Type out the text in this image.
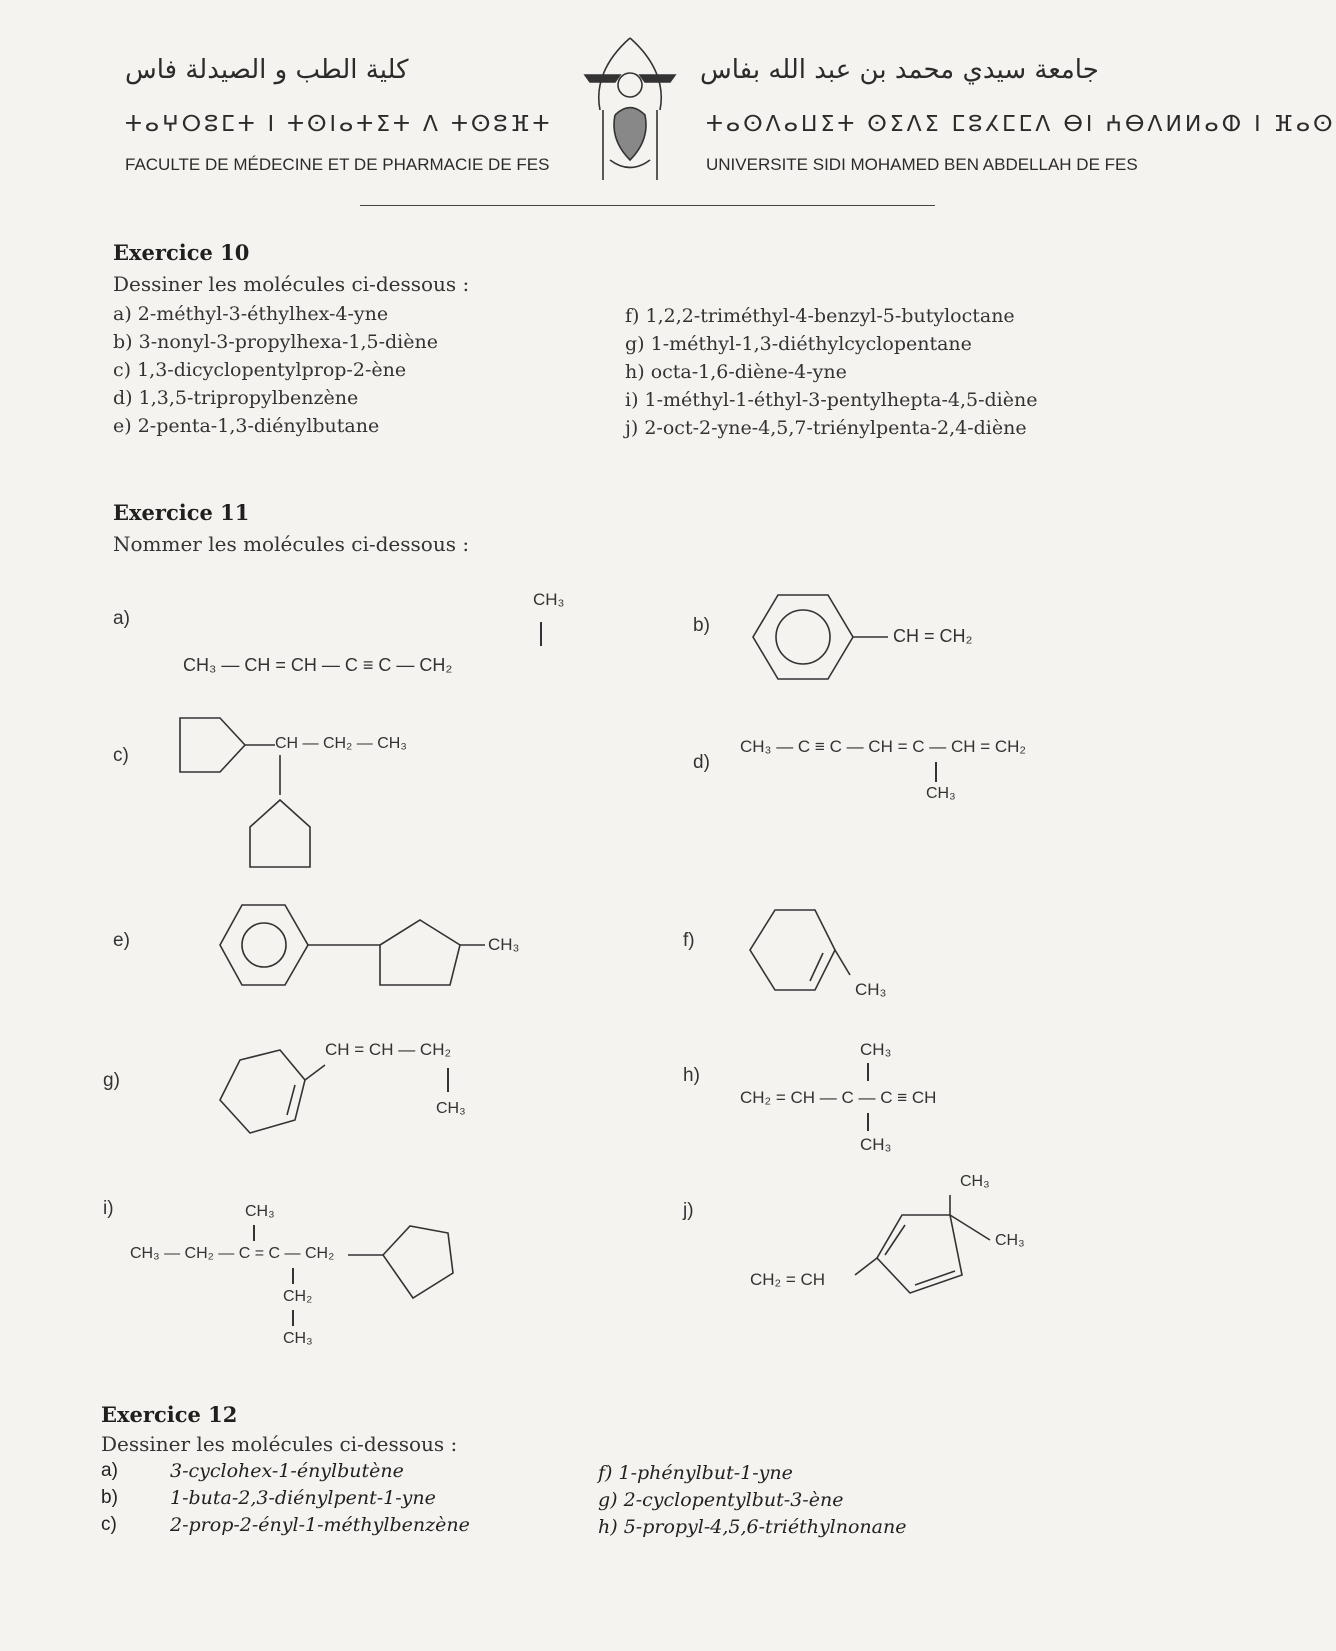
كلية الطب و الصيدلة فاس
ⵜⴰⵖⵔⵓⵎⵜ ⵏ ⵜⵙⵏⴰⵜⵉⵜ ⴷ ⵜⵙⵓⴼⵜ
FACULTE DE MÉDECINE ET DE PHARMACIE DE FES
جامعة سيدي محمد بن عبد الله بفاس
ⵜⴰⵙⴷⴰⵡⵉⵜ ⵙⵉⴷⵉ ⵎⵓⵃⵎⵎⴷ ⴱⵏ ⵄⴱⴷⵍⵍⴰⵀ ⵏ ⴼⴰⵙ
UNIVERSITE SIDI MOHAMED BEN ABDELLAH DE FES
Exercice 10
Dessiner les molécules ci-dessous :
a) 2-méthyl-3-éthylhex-4-yne
b) 3-nonyl-3-propylhexa-1,5-diène
c) 1,3-dicyclopentylprop-2-ène
d) 1,3,5-tripropylbenzène
e) 2-penta-1,3-diénylbutane
f) 1,2,2-triméthyl-4-benzyl-5-butyloctane
g) 1-méthyl-1,3-diéthylcyclopentane
h) octa-1,6-diène-4-yne
i) 1-méthyl-1-éthyl-3-pentylhepta-4,5-diène
j) 2-oct-2-yne-4,5,7-triénylpenta-2,4-diène
Exercice 11
Nommer les molécules ci-dessous :
a)
CH₃
CH₃ — CH = CH — C ≡ C — CH₂
b)	CH = CH₂
c)
CH — CH₂ — CH₃
d)
CH₃ — C ≡ C — CH = C — CH = CH₂
CH₃
e)	CH₃	f)
CH₃
g)
CH = CH — CH₂
CH₃
h)
CH₃
CH₂ = CH — C — C ≡ CH
CH₃
i)	CH₃
CH₃ — CH₂ — C = C — CH₂
CH₂
CH₃
j)
CH₃
CH₃
CH₂ = CH
Exercice 12
Dessiner les molécules ci-dessous :
a)	3-cyclohex-1-énylbutène
b)	1-buta-2,3-diénylpent-1-yne
c)	2-prop-2-ényl-1-méthylbenzène
f) 1-phénylbut-1-yne
g) 2-cyclopentylbut-3-ène
h) 5-propyl-4,5,6-triéthylnonane
